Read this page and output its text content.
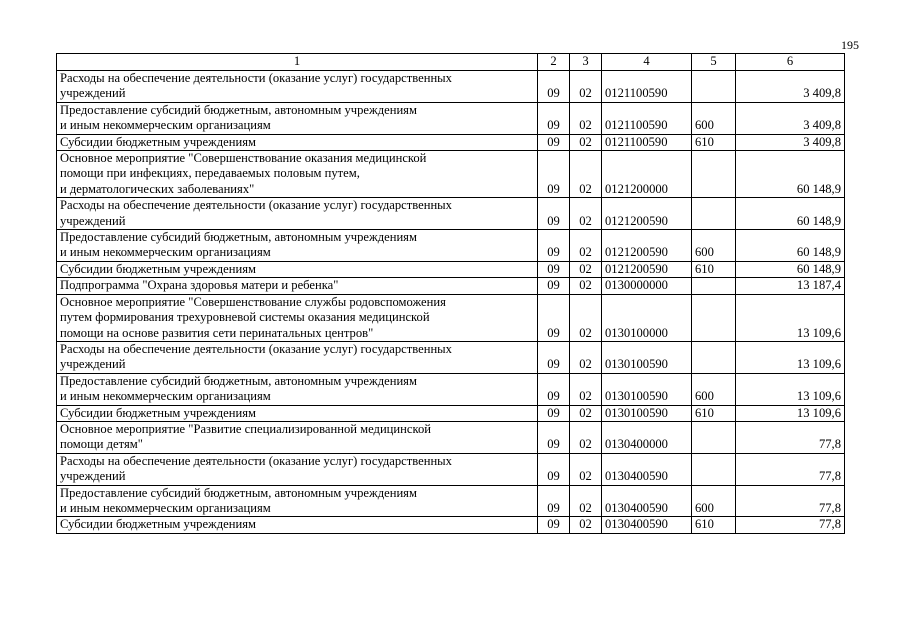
195
1	2	3	4	5	6
Расходы на обеспечение деятельности (оказание услуг) государственных
учреждений	09	02	0121100590		3 409,8
Предоставление субсидий бюджетным, автономным учреждениям
и иным некоммерческим организациям	09	02	0121100590	600	3 409,8
Субсидии бюджетным учреждениям	09	02	0121100590	610	3 409,8
Основное мероприятие "Совершенствование оказания медицинской
помощи при инфекциях, передаваемых половым путем,
и дерматологических заболеваниях"	09	02	0121200000		60 148,9
Расходы на обеспечение деятельности (оказание услуг) государственных
учреждений	09	02	0121200590		60 148,9
Предоставление субсидий бюджетным, автономным учреждениям
и иным некоммерческим организациям	09	02	0121200590	600	60 148,9
Субсидии бюджетным учреждениям	09	02	0121200590	610	60 148,9
Подпрограмма "Охрана здоровья матери и ребенка"	09	02	0130000000		13 187,4
Основное мероприятие "Совершенствование службы родовспоможения
путем формирования трехуровневой системы оказания медицинской
помощи на основе развития сети перинатальных центров"	09	02	0130100000		13 109,6
Расходы на обеспечение деятельности (оказание услуг) государственных
учреждений	09	02	0130100590		13 109,6
Предоставление субсидий бюджетным, автономным учреждениям
и иным некоммерческим организациям	09	02	0130100590	600	13 109,6
Субсидии бюджетным учреждениям	09	02	0130100590	610	13 109,6
Основное мероприятие "Развитие специализированной медицинской
помощи детям"	09	02	0130400000		77,8
Расходы на обеспечение деятельности (оказание услуг) государственных
учреждений	09	02	0130400590		77,8
Предоставление субсидий бюджетным, автономным учреждениям
и иным некоммерческим организациям	09	02	0130400590	600	77,8
Субсидии бюджетным учреждениям	09	02	0130400590	610	77,8
